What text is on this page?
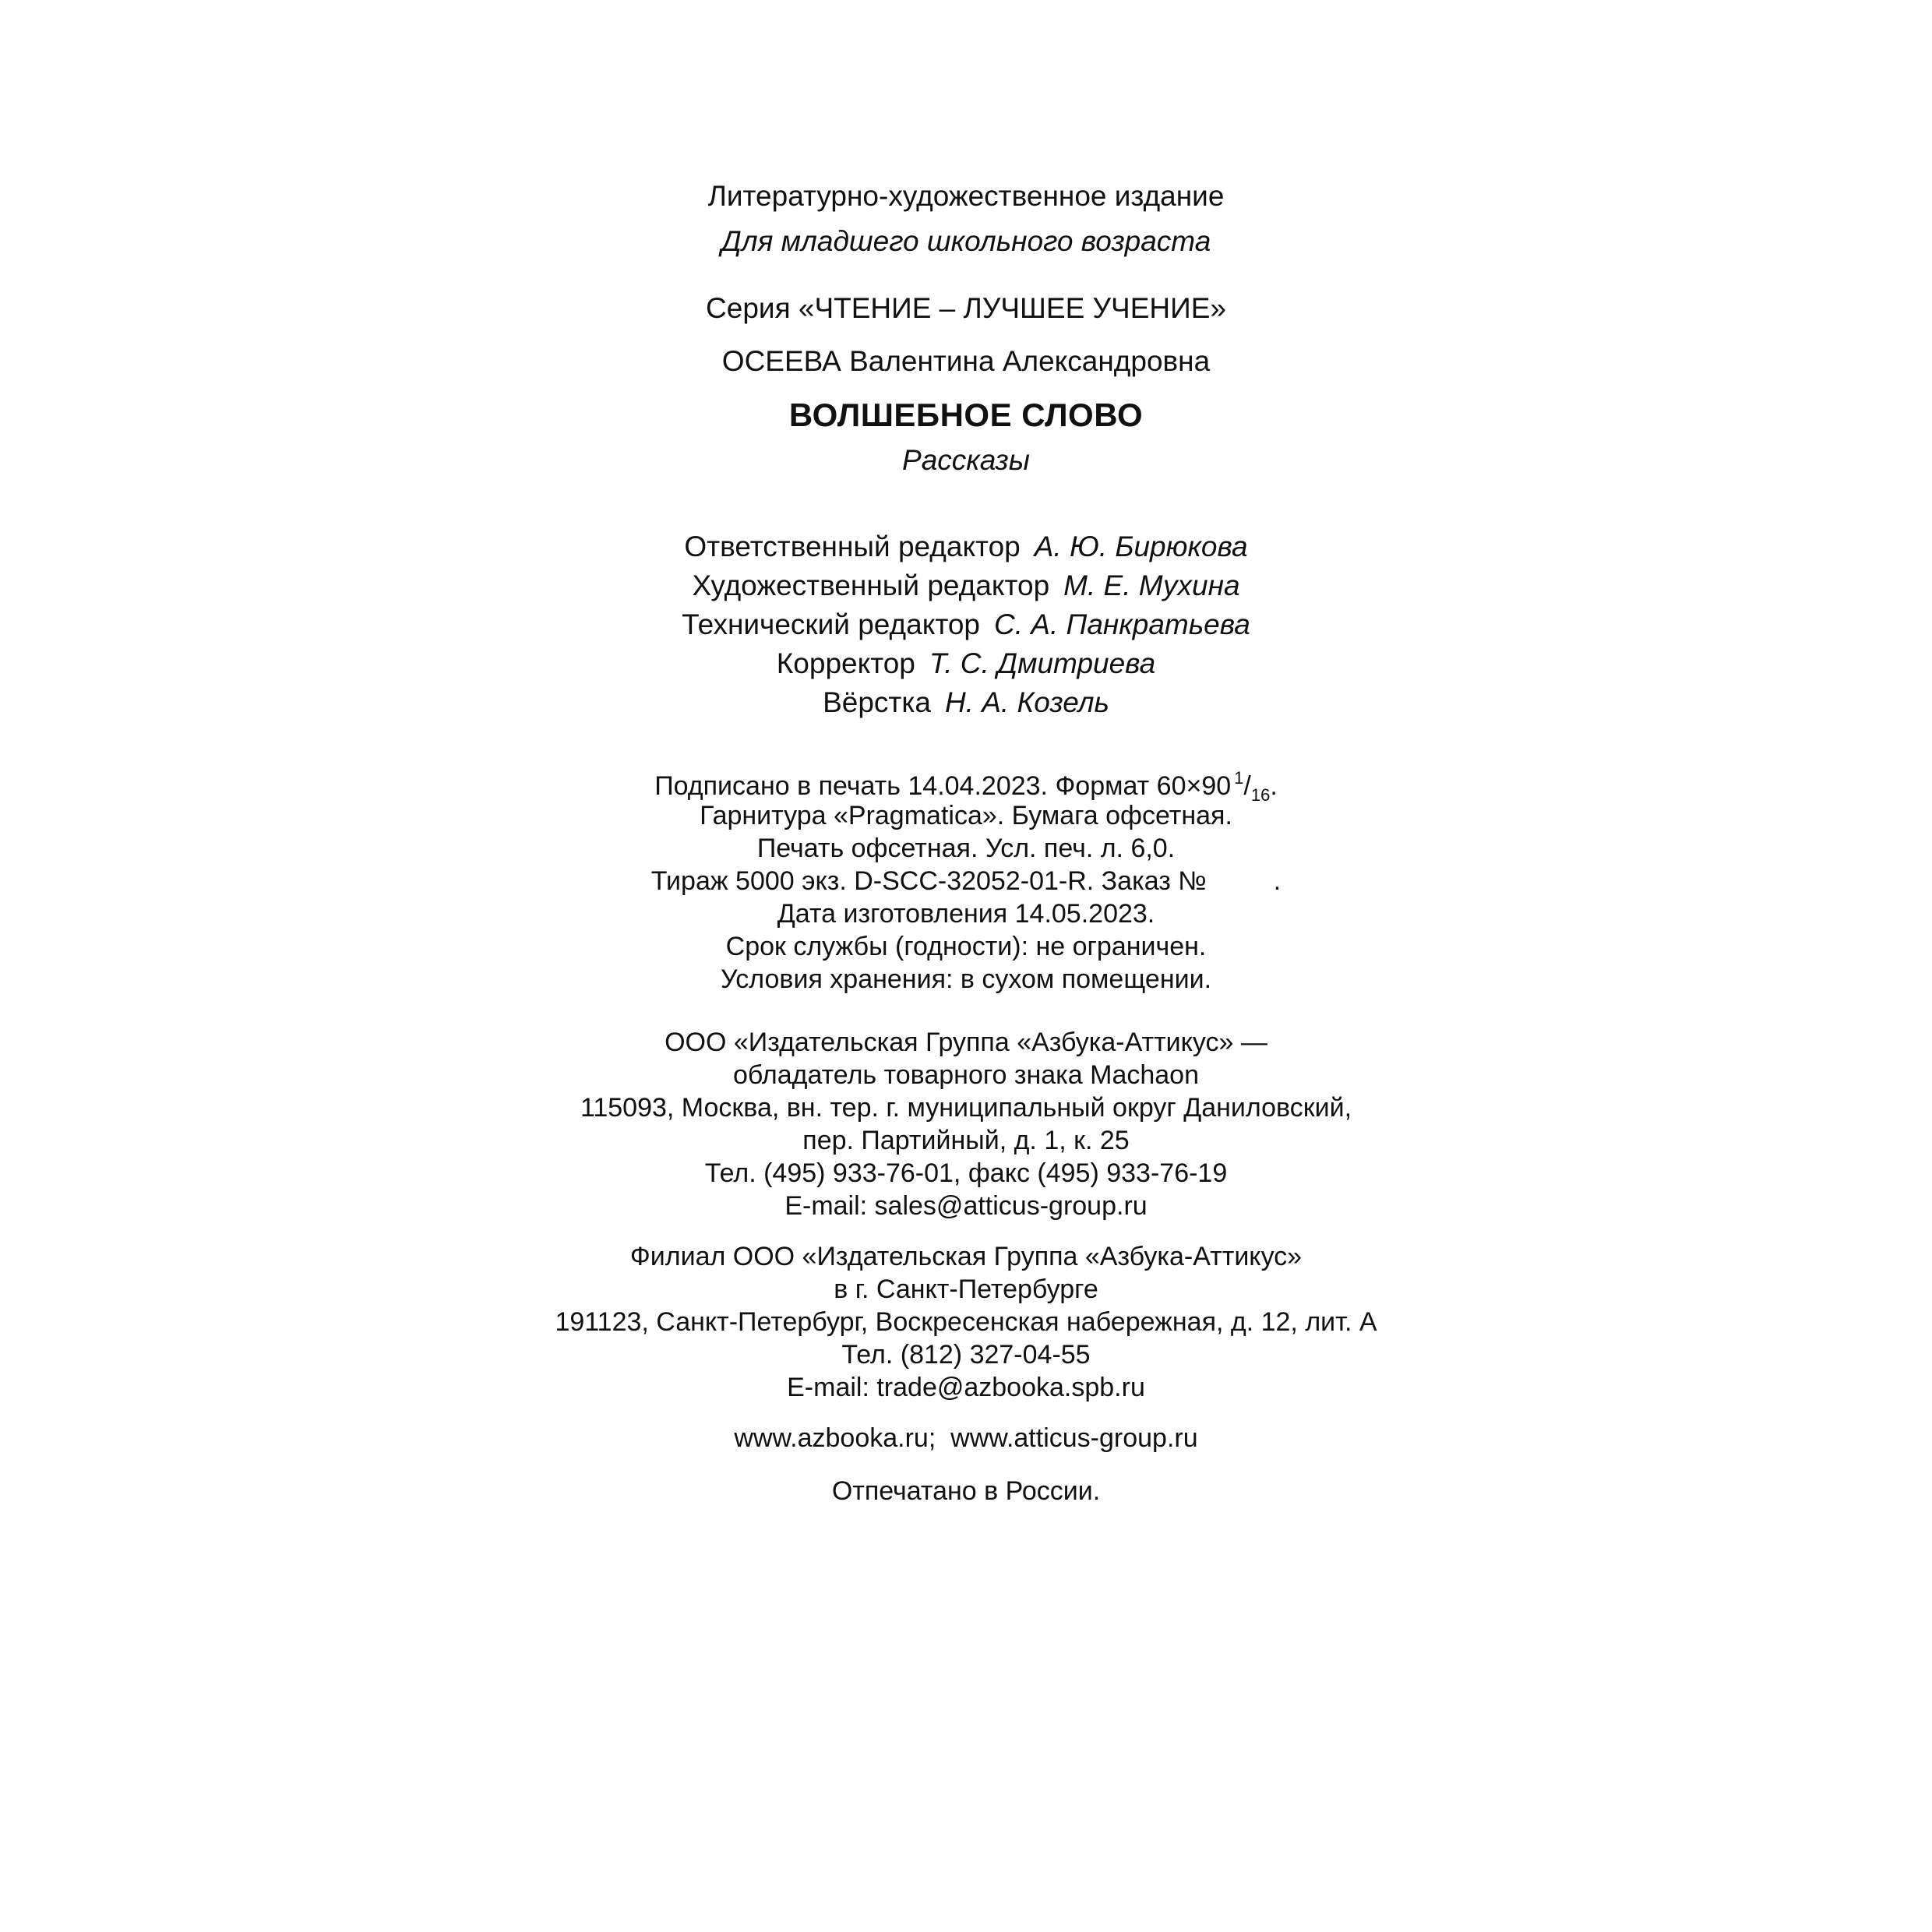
Литературно-художественное издание
Для младшего школьного возраста
Серия «ЧТЕНИЕ – ЛУЧШЕЕ УЧЕНИЕ»
ОСЕЕВА Валентина Александровна
ВОЛШЕБНОЕ СЛОВО
Рассказы
Ответственный редактор А. Ю. Бирюкова
Художественный редактор М. Е. Мухина
Технический редактор С. А. Панкратьева
Корректор Т. С. Дмитриева
Вёрстка Н. А. Козель
Подписано в печать 14.04.2023. Формат 60×90 $^1/_{16}$.
Гарнитура «Pragmatica». Бумага офсетная.
Печать офсетная. Усл. печ. л. 6,0.
Тираж 5000 экз. D-SCC-32052-01-R. Заказ №	.
Дата изготовления 14.05.2023.
Срок службы (годности): не ограничен.
Условия хранения: в сухом помещении.
ООО «Издательская Группа «Азбука-Аттикус» —
обладатель товарного знака Machaon
115093, Москва, вн. тер. г. муниципальный округ Даниловский,
пер. Партийный, д. 1, к. 25
Тел. (495) 933-76-01, факс (495) 933-76-19
E-mail: sales@atticus-group.ru
Филиал ООО «Издательская Группа «Азбука-Аттикус»
в г. Санкт-Петербурге
191123, Санкт-Петербург, Воскресенская набережная, д. 12, лит. А
Тел. (812) 327-04-55
E-mail: trade@azbooka.spb.ru
www.azbooka.ru;  www.atticus-group.ru
Отпечатано в России.
